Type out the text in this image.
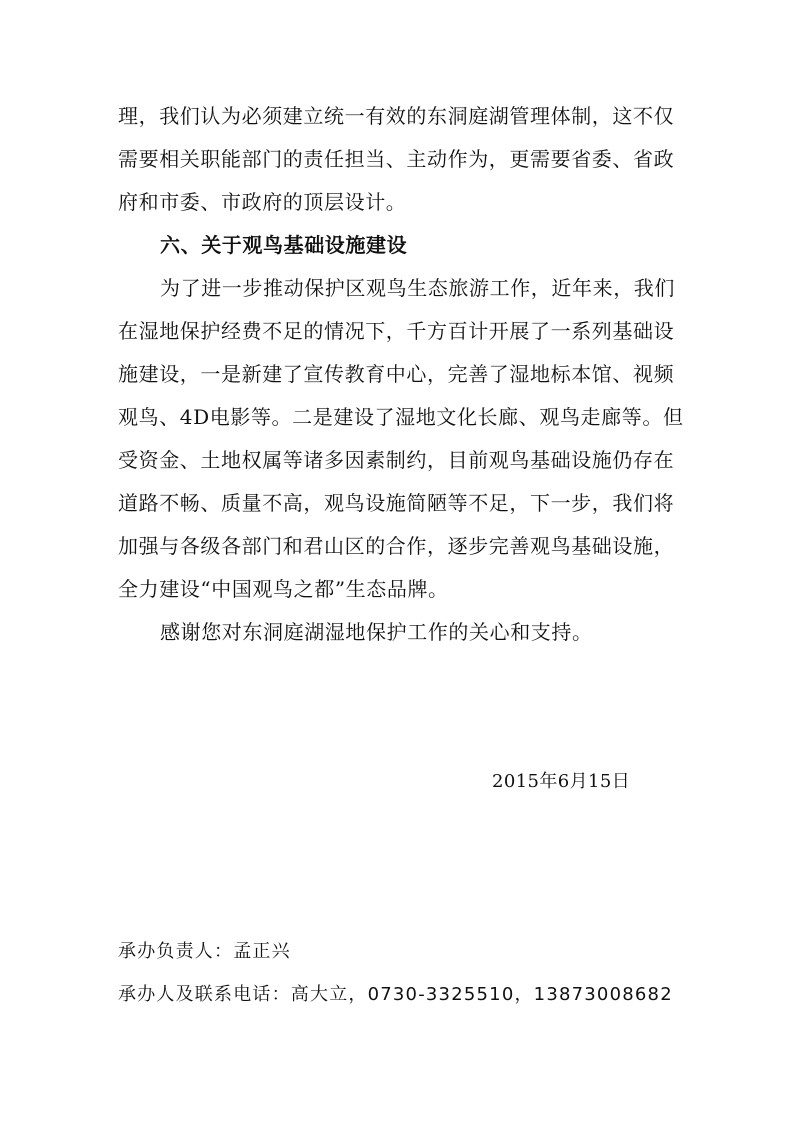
理，我们认为必须建立统一有效的东洞庭湖管理体制，这不仅
需要相关职能部门的责任担当、主动作为，更需要省委、省政
府和市委、市政府的顶层设计。
六、关于观鸟基础设施建设
为了进一步推动保护区观鸟生态旅游工作，近年来，我们
在湿地保护经费不足的情况下，千方百计开展了一系列基础设
施建设，一是新建了宣传教育中心，完善了湿地标本馆、视频
观鸟、4D电影等。二是建设了湿地文化长廊、观鸟走廊等。但
受资金、土地权属等诸多因素制约，目前观鸟基础设施仍存在
道路不畅、质量不高，观鸟设施简陋等不足，下一步，我们将
加强与各级各部门和君山区的合作，逐步完善观鸟基础设施，
全力建设“中国观鸟之都”生态品牌。
感谢您对东洞庭湖湿地保护工作的关心和支持。
2015年6月15日
承办负责人：孟正兴
承办人及联系电话：高大立，0730-3325510，13873008682
